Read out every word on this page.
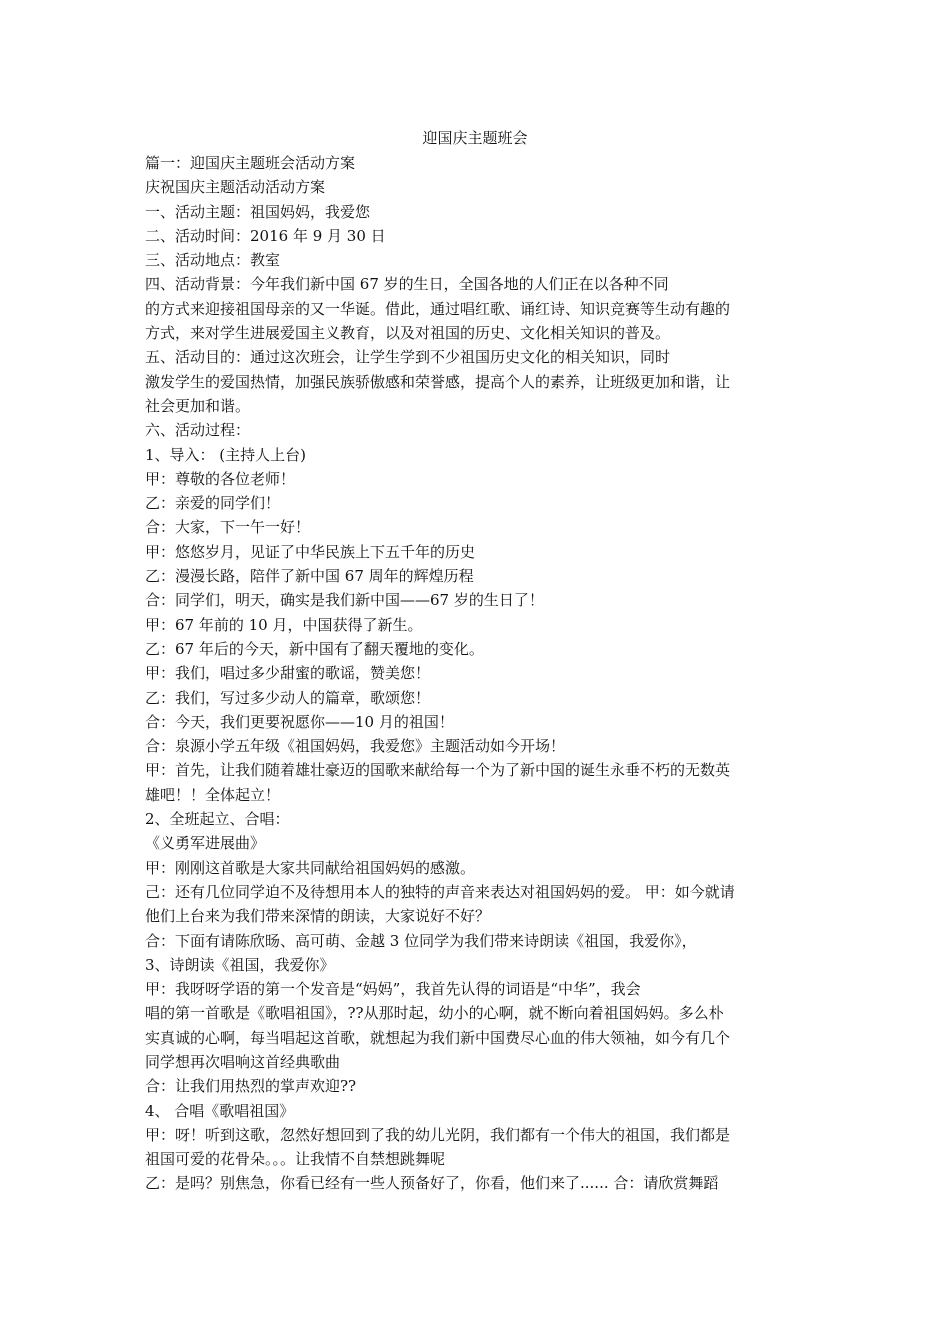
迎国庆主题班会
篇一：迎国庆主题班会活动方案
庆祝国庆主题活动活动方案
一、活动主题：祖国妈妈，我爱您
二、活动时间：2016 年 9 月 30 日
三、活动地点：教室
四、活动背景：今年我们新中国 67 岁的生日，全国各地的人们正在以各种不同
的方式来迎接祖国母亲的又一华诞。借此，通过唱红歌、诵红诗、知识竞赛等生动有趣的
方式，来对学生进展爱国主义教育，以及对祖国的历史、文化相关知识的普及。
五、活动目的：通过这次班会，让学生学到不少祖国历史文化的相关知识，同时
激发学生的爱国热情，加强民族骄傲感和荣誉感，提高个人的素养，让班级更加和谐，让
社会更加和谐。
六、活动过程：
1、导入： (主持人上台)
甲：尊敬的各位老师！
乙：亲爱的同学们！
合：大家，下一午一好！
甲：悠悠岁月，见证了中华民族上下五千年的历史
乙：漫漫长路，陪伴了新中国 67 周年的辉煌历程
合：同学们，明天，确实是我们新中国——67 岁的生日了！
甲：67 年前的 10 月，中国获得了新生。
乙：67 年后的今天，新中国有了翻天覆地的变化。
甲：我们，唱过多少甜蜜的歌谣，赞美您！
乙：我们，写过多少动人的篇章，歌颂您！
合：今天，我们更要祝愿你——10 月的祖国！
合：泉源小学五年级《祖国妈妈，我爱您》主题活动如今开场！
甲：首先，让我们随着雄壮豪迈的国歌来献给每一个为了新中国的诞生永垂不朽的无数英
雄吧！！全体起立！
2、全班起立、合唱：
《义勇军进展曲》
甲：刚刚这首歌是大家共同献给祖国妈妈的感激。
己：还有几位同学迫不及待想用本人的独特的声音来表达对祖国妈妈的爱。 甲：如今就请
他们上台来为我们带来深情的朗读，大家说好不好？
合：下面有请陈欣旸、高可萌、金越 3 位同学为我们带来诗朗读《祖国，我爱你》，
3、诗朗读《祖国，我爱你》
甲：我呀呀学语的第一个发音是“妈妈”，我首先认得的词语是“中华”，我会
唱的第一首歌是《歌唱祖国》，??从那时起，幼小的心啊，就不断向着祖国妈妈。多么朴
实真诚的心啊，每当唱起这首歌，就想起为我们新中国费尽心血的伟大领袖，如今有几个
同学想再次唱响这首经典歌曲
合：让我们用热烈的掌声欢迎??
4、 合唱《歌唱祖国》
甲：呀！听到这歌，忽然好想回到了我的幼儿光阴，我们都有一个伟大的祖国，我们都是
祖国可爱的花骨朵。。。让我情不自禁想跳舞呢
乙：是吗？别焦急，你看已经有一些人预备好了，你看，他们来了...... 合：请欣赏舞蹈
